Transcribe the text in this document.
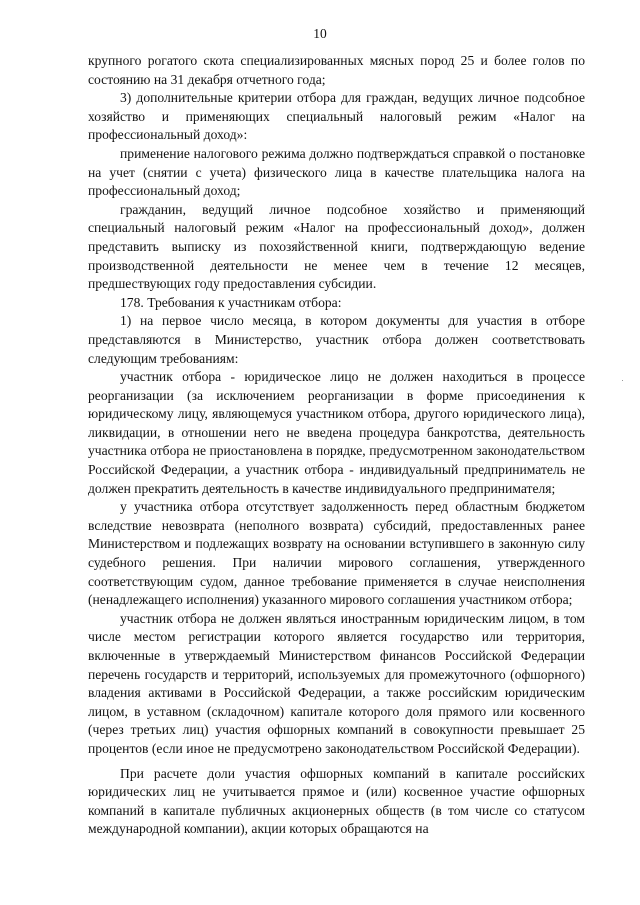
10

крупного рогатого скота специализированных мясных пород 25 и более голов по состоянию на 31 декабря отчетного года;

3) дополнительные критерии отбора для граждан, ведущих личное подсобное хозяйство и применяющих специальный налоговый режим «Налог на профессиональный доход»:

применение налогового режима должно подтверждаться справкой о постановке на учет (снятии с учета) физического лица в качестве плательщика налога на профессиональный доход;

гражданин, ведущий личное подсобное хозяйство и применяющий специальный налоговый режим «Налог на профессиональный доход», должен представить выписку из похозяйственной книги, подтверждающую ведение производственной деятельности не менее чем в течение 12 месяцев, предшествующих году предоставления субсидии.

178. Требования к участникам отбора:

1) на первое число месяца, в котором документы для участия в отборе представляются в Министерство, участник отбора должен соответствовать следующим требованиям:

участник отбора - юридическое лицо не должен находиться в процессе реорганизации (за исключением реорганизации в форме присоединения к юридическому лицу, являющемуся участником отбора, другого юридического лица), ликвидации, в отношении него не введена процедура банкротства, деятельность участника отбора не приостановлена в порядке, предусмотренном законодательством Российской Федерации, а участник отбора - индивидуальный предприниматель не должен прекратить деятельность в качестве индивидуального предпринимателя;

у участника отбора отсутствует задолженность перед областным бюджетом вследствие невозврата (неполного возврата) субсидий, предоставленных ранее Министерством и подлежащих возврату на основании вступившего в законную силу судебного решения. При наличии мирового соглашения, утвержденного соответствующим судом, данное требование применяется в случае неисполнения (ненадлежащего исполнения) указанного мирового соглашения участником отбора;

участник отбора не должен являться иностранным юридическим лицом, в том числе местом регистрации которого является государство или территория, включенные в утверждаемый Министерством финансов Российской Федерации перечень государств и территорий, используемых для промежуточного (офшорного) владения активами в Российской Федерации, а также российским юридическим лицом, в уставном (складочном) капитале которого доля прямого или косвенного (через третьих лиц) участия офшорных компаний в совокупности превышает 25 процентов (если иное не предусмотрено законодательством Российской Федерации).

При расчете доли участия офшорных компаний в капитале российских юридических лиц не учитывается прямое и (или) косвенное участие офшорных компаний в капитале публичных акционерных обществ (в том числе со статусом международной компании), акции которых обращаются на
